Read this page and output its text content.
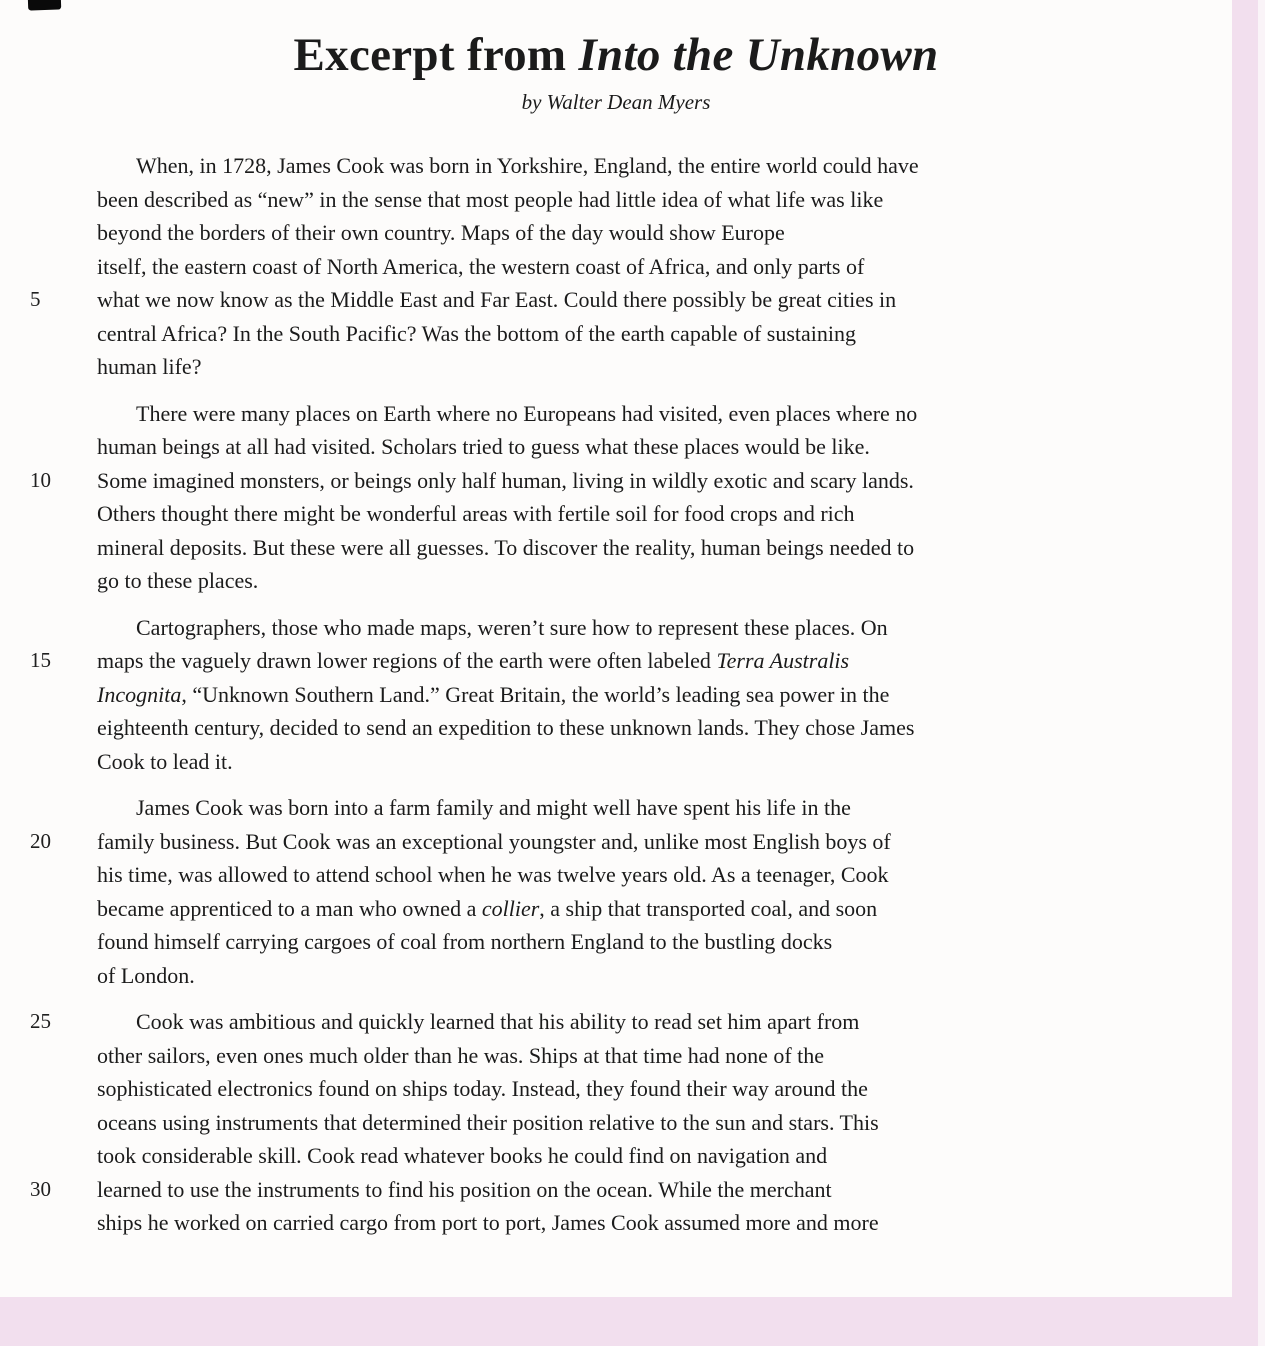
Excerpt from Into the Unknown
by Walter Dean Myers
When, in 1728, James Cook was born in Yorkshire, England, the entire world could have
been described as “new” in the sense that most people had little idea of what life was like
beyond the borders of their own country. Maps of the day would show Europe
itself, the eastern coast of North America, the western coast of Africa, and only parts of
5	what we now know as the Middle East and Far East. Could there possibly be great cities in
central Africa? In the South Pacific? Was the bottom of the earth capable of sustaining
human life?
There were many places on Earth where no Europeans had visited, even places where no
human beings at all had visited. Scholars tried to guess what these places would be like.
10 Some imagined monsters, or beings only half human, living in wildly exotic and scary lands.
Others thought there might be wonderful areas with fertile soil for food crops and rich
mineral deposits. But these were all guesses. To discover the reality, human beings needed to
go to these places.
Cartographers, those who made maps, weren’t sure how to represent these places. On
15 maps the vaguely drawn lower regions of the earth were often labeled Terra Australis
Incognita, “Unknown Southern Land.” Great Britain, the world’s leading sea power in the
eighteenth century, decided to send an expedition to these unknown lands. They chose James
Cook to lead it.
James Cook was born into a farm family and might well have spent his life in the
20 family business. But Cook was an exceptional youngster and, unlike most English boys of
his time, was allowed to attend school when he was twelve years old. As a teenager, Cook
became apprenticed to a man who owned a collier, a ship that transported coal, and soon
found himself carrying cargoes of coal from northern England to the bustling docks
of London.
25	Cook was ambitious and quickly learned that his ability to read set him apart from
other sailors, even ones much older than he was. Ships at that time had none of the
sophisticated electronics found on ships today. Instead, they found their way around the
oceans using instruments that determined their position relative to the sun and stars. This
took considerable skill. Cook read whatever books he could find on navigation and
30 learned to use the instruments to find his position on the ocean. While the merchant
ships he worked on carried cargo from port to port, James Cook assumed more and more
